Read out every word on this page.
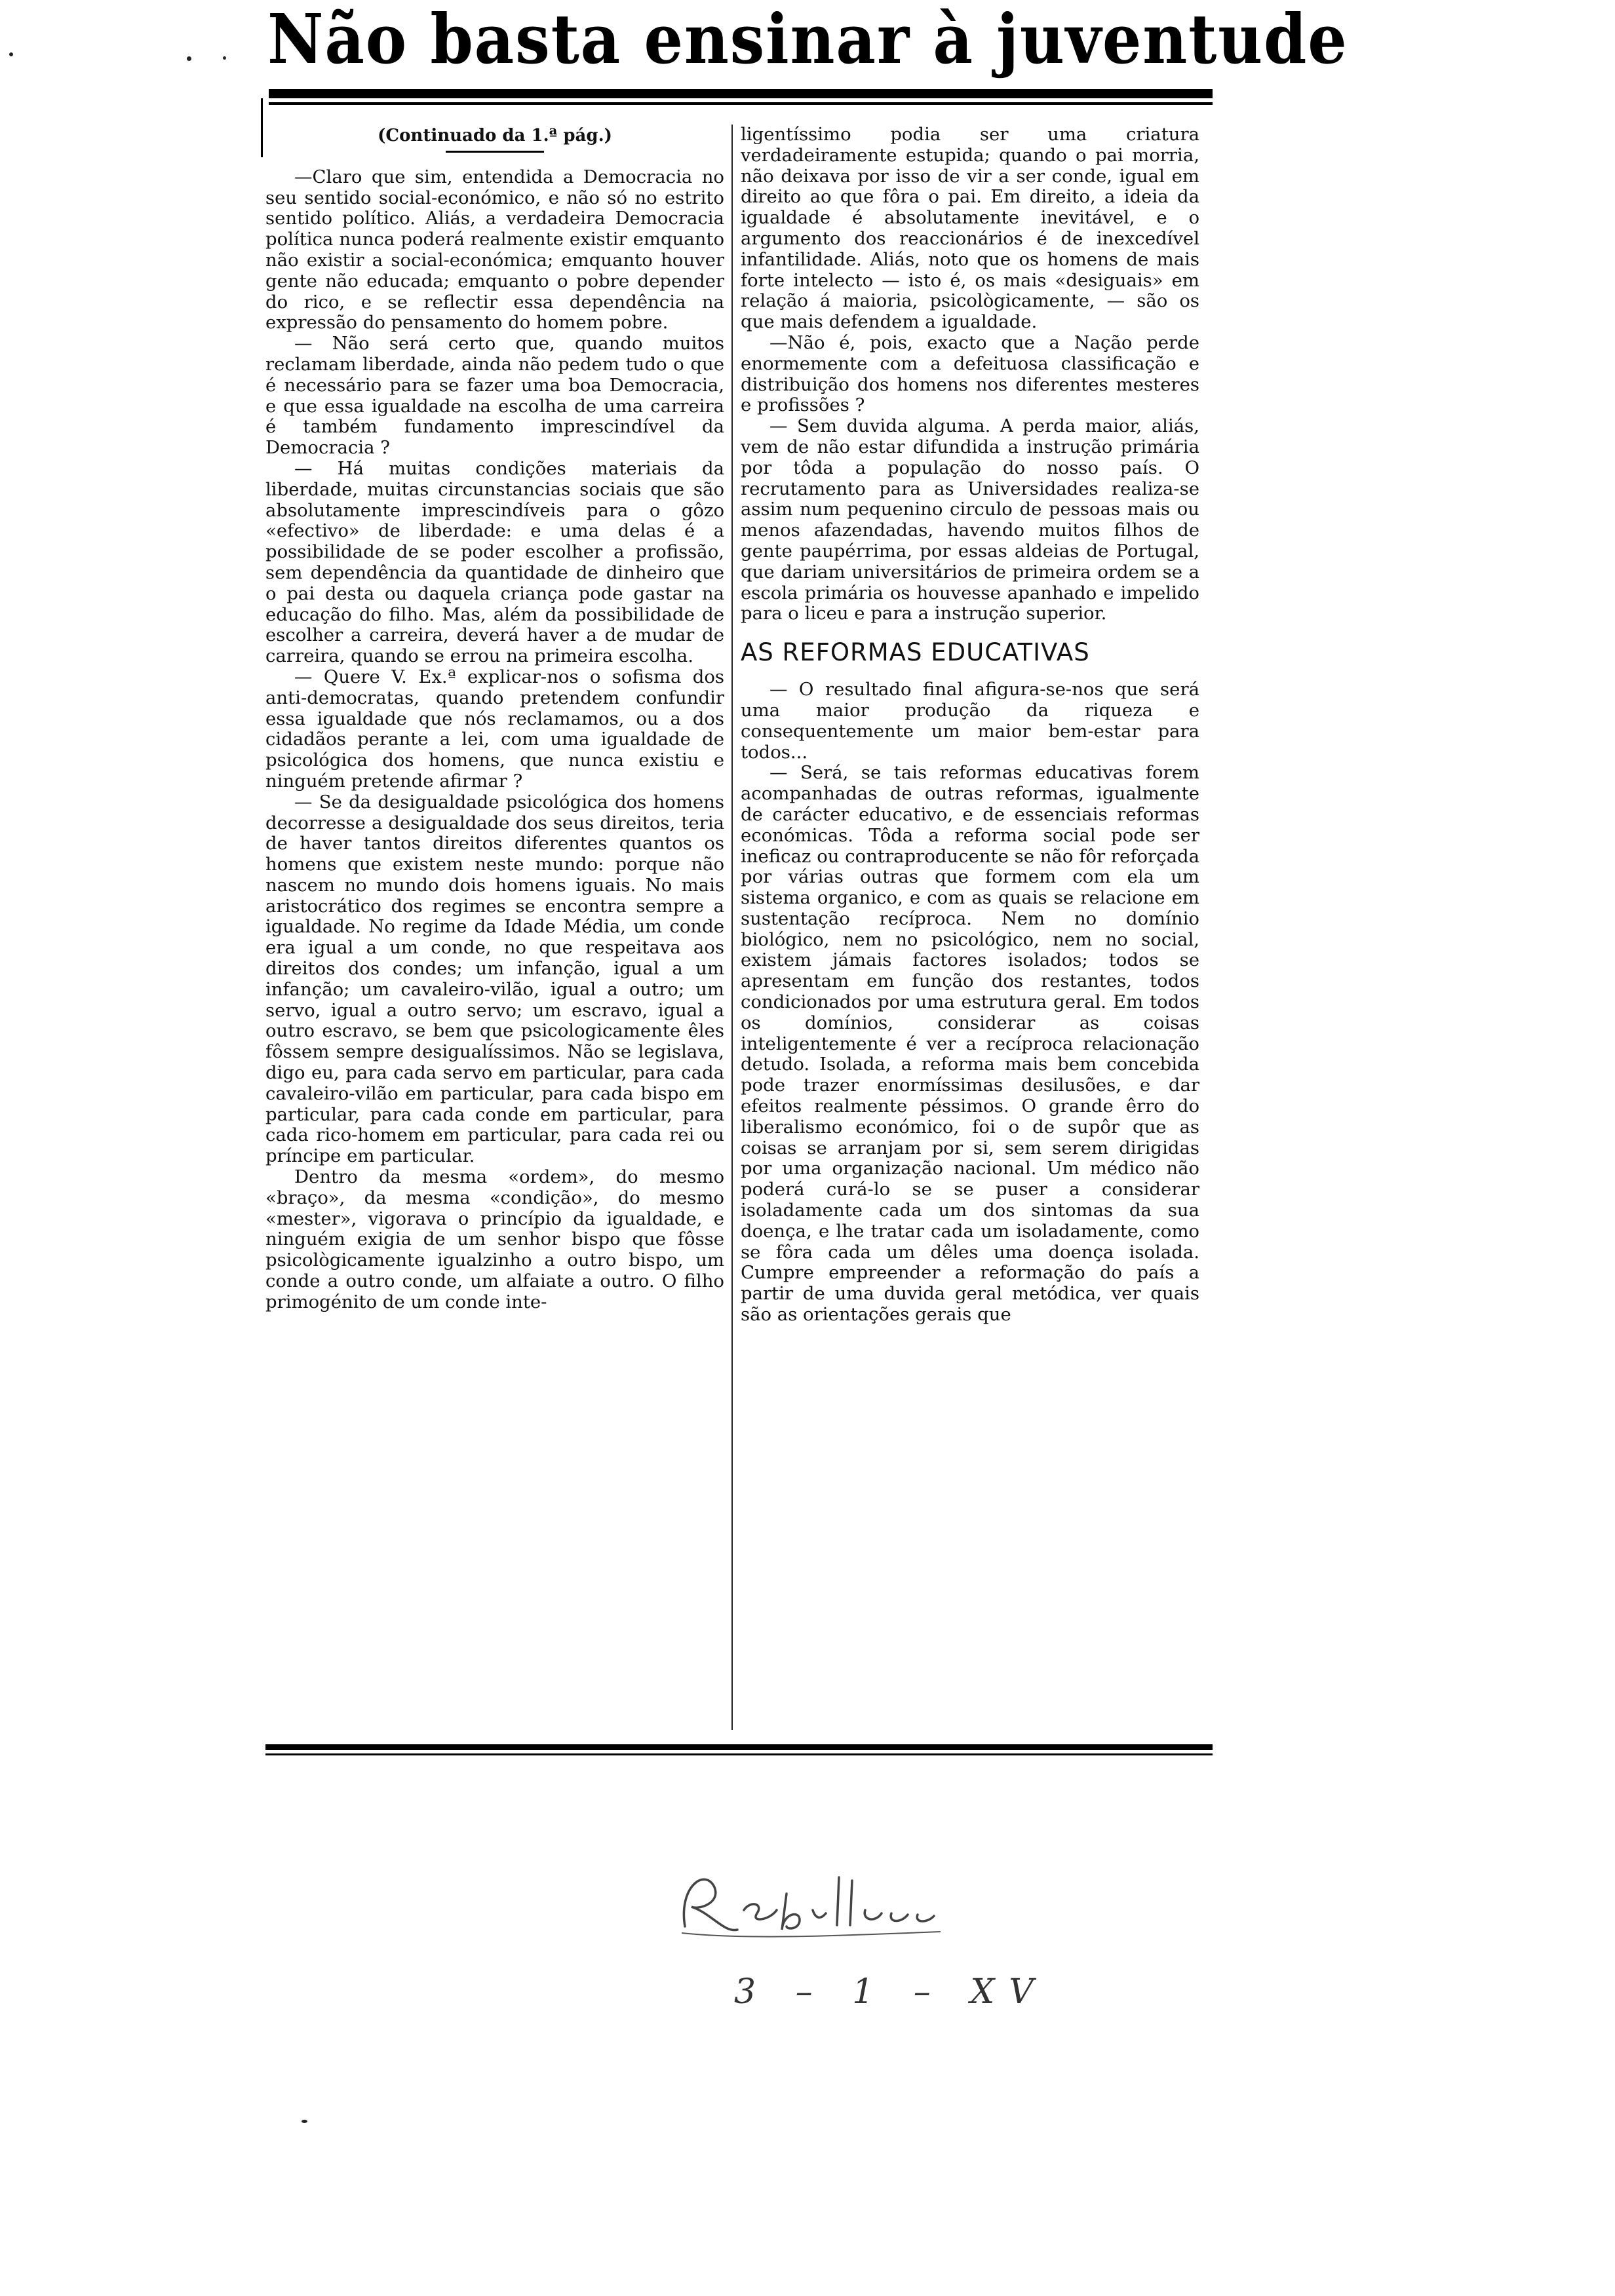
Não basta ensinar à juventude

(Continuado da 1.ª pág.)

—Claro que sim, entendida a Democracia no seu sentido social-económico, e não só no estrito sentido político. Aliás, a verdadeira Democracia política nunca poderá realmente existir emquanto não existir a social-económica; emquanto houver gente não educada; emquanto o pobre depender do rico, e se reflectir essa dependência na expressão do pensamento do homem pobre.

— Não será certo que, quando muitos reclamam liberdade, ainda não pedem tudo o que é necessário para se fazer uma boa Democracia, e que essa igualdade na escolha de uma carreira é também fundamento imprescindível da Democracia ?

— Há muitas condições materiais da liberdade, muitas circunstancias sociais que são absolutamente imprescindíveis para o gôzo «efectivo» de liberdade: e uma delas é a possibilidade de se poder escolher a profissão, sem dependência da quantidade de dinheiro que o pai desta ou daquela criança pode gastar na educação do filho. Mas, além da possibilidade de escolher a carreira, deverá haver a de mudar de carreira, quando se errou na primeira escolha.

— Quere V. Ex.ª explicar-nos o sofisma dos anti-democratas, quando pretendem confundir essa igualdade que nós reclamamos, ou a dos cidadãos perante a lei, com uma igualdade de psicológica dos homens, que nunca existiu e ninguém pretende afirmar ?

— Se da desigualdade psicológica dos homens decorresse a desigualdade dos seus direitos, teria de haver tantos direitos diferentes quantos os homens que existem neste mundo: porque não nascem no mundo dois homens iguais. No mais aristocrático dos regimes se encontra sempre a igualdade. No regime da Idade Média, um conde era igual a um conde, no que respeitava aos direitos dos condes; um infanção, igual a um infanção; um cavaleiro-vilão, igual a outro; um servo, igual a outro servo; um escravo, igual a outro escravo, se bem que psicologicamente êles fôssem sempre desigualíssimos. Não se legislava, digo eu, para cada servo em particular, para cada cavaleiro-vilão em particular, para cada bispo em particular, para cada conde em particular, para cada rico-homem em particular, para cada rei ou príncipe em particular.

Dentro da mesma «ordem», do mesmo «braço», da mesma «condição», do mesmo «mester», vigorava o princípio da igualdade, e ninguém exigia de um senhor bispo que fôsse psicològicamente igualzinho a outro bispo, um conde a outro conde, um alfaiate a outro. O filho primogénito de um conde inte-

ligentíssimo podia ser uma criatura verdadeiramente estupida; quando o pai morria, não deixava por isso de vir a ser conde, igual em direito ao que fôra o pai. Em direito, a ideia da igualdade é absolutamente inevitável, e o argumento dos reaccionários é de inexcedível infantilidade. Aliás, noto que os homens de mais forte intelecto — isto é, os mais «desiguais» em relação á maioria, psicològicamente, — são os que mais defendem a igualdade.

—Não é, pois, exacto que a Nação perde enormemente com a defeituosa classificação e distribuição dos homens nos diferentes mesteres e profissões ?

— Sem duvida alguma. A perda maior, aliás, vem de não estar difundida a instrução primária por tôda a população do nosso país. O recrutamento para as Universidades realiza-se assim num pequenino circulo de pessoas mais ou menos afazendadas, havendo muitos filhos de gente paupérrima, por essas aldeias de Portugal, que dariam universitários de primeira ordem se a escola primária os houvesse apanhado e impelido para o liceu e para a instrução superior.

AS REFORMAS EDUCATIVAS

— O resultado final afigura-se-nos que será uma maior produção da riqueza e consequentemente um maior bem-estar para todos...

— Será, se tais reformas educativas forem acompanhadas de outras reformas, igualmente de carácter educativo, e de essenciais reformas económicas. Tôda a reforma social pode ser ineficaz ou contraproducente se não fôr reforçada por várias outras que formem com ela um sistema organico, e com as quais se relacione em sustentação recíproca. Nem no domínio biológico, nem no psicológico, nem no social, existem jámais factores isolados; todos se apresentam em função dos restantes, todos condicionados por uma estrutura geral. Em todos os domínios, considerar as coisas inteligentemente é ver a recíproca relacionação detudo. Isolada, a reforma mais bem concebida pode trazer enormíssimas desilusões, e dar efeitos realmente péssimos. O grande êrro do liberalismo económico, foi o de supôr que as coisas se arranjam por si, sem serem dirigidas por uma organização nacional. Um médico não poderá curá-lo se se puser a considerar isoladamente cada um dos sintomas da sua doença, e lhe tratar cada um isoladamente, como se fôra cada um dêles uma doença isolada. Cumpre empreender a reformação do país a partir de uma duvida geral metódica, ver quais são as orientações gerais que

3 – 1 – XV
